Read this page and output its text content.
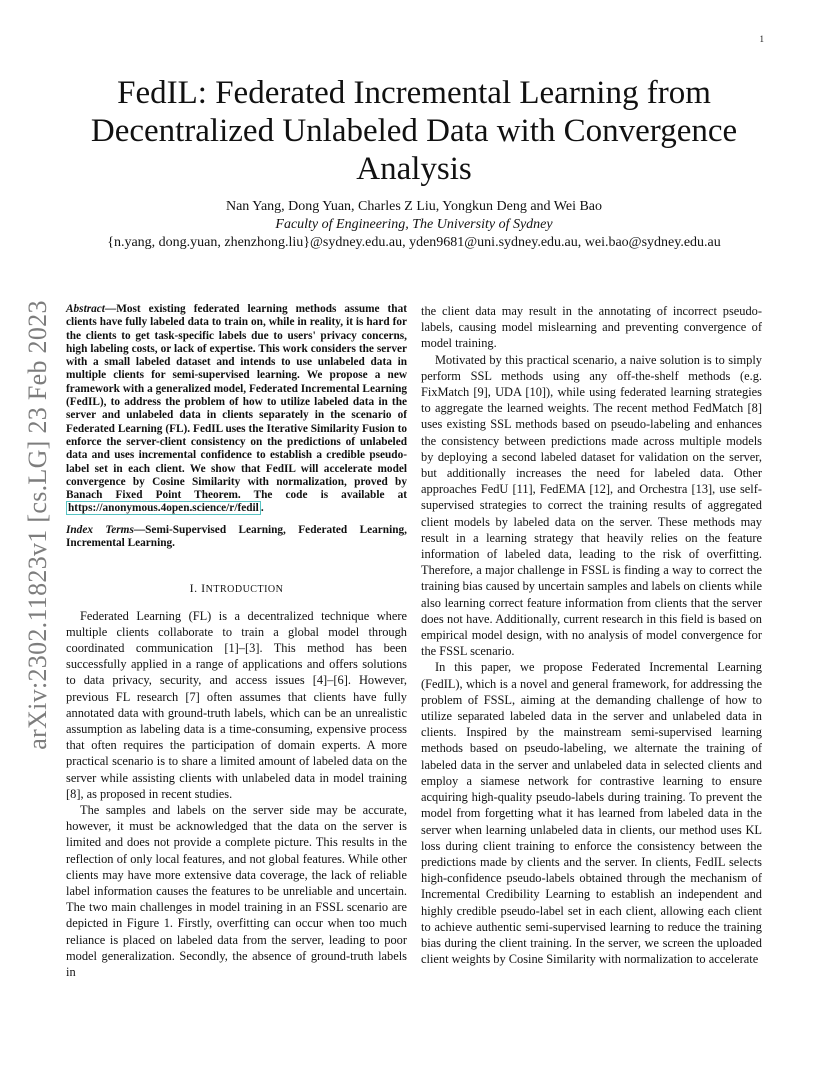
1
arXiv:2302.11823v1 [cs.LG] 23 Feb 2023
FedIL: Federated Incremental Learning from Decentralized Unlabeled Data with Convergence Analysis
Nan Yang, Dong Yuan, Charles Z Liu, Yongkun Deng and Wei Bao
Faculty of Engineering, The University of Sydney
{n.yang, dong.yuan, zhenzhong.liu}@sydney.edu.au, yden9681@uni.sydney.edu.au, wei.bao@sydney.edu.au

Abstract—Most existing federated learning methods assume that clients have fully labeled data to train on, while in reality, it is hard for the clients to get task-specific labels due to users' privacy concerns, high labeling costs, or lack of expertise. This work considers the server with a small labeled dataset and intends to use unlabeled data in multiple clients for semi-supervised learning. We propose a new framework with a generalized model, Federated Incremental Learning (FedIL), to address the problem of how to utilize labeled data in the server and unlabeled data in clients separately in the scenario of Federated Learning (FL). FedIL uses the Iterative Similarity Fusion to enforce the server-client consistency on the predictions of unlabeled data and uses incremental confidence to establish a credible pseudo-label set in each client. We show that FedIL will accelerate model convergence by Cosine Similarity with normalization, proved by Banach Fixed Point Theorem. The code is available at https://anonymous.4open.science/r/fedil .

Index Terms—Semi-Supervised Learning, Federated Learning, Incremental Learning.

I. INTRODUCTION

Federated Learning (FL) is a decentralized technique where multiple clients collaborate to train a global model through coordinated communication [1]–[3]. This method has been successfully applied in a range of applications and offers solutions to data privacy, security, and access issues [4]–[6]. However, previous FL research [7] often assumes that clients have fully annotated data with ground-truth labels, which can be an unrealistic assumption as labeling data is a time-consuming, expensive process that often requires the participation of domain experts. A more practical scenario is to share a limited amount of labeled data on the server while assisting clients with unlabeled data in model training [8], as proposed in recent studies.

The samples and labels on the server side may be accurate, however, it must be acknowledged that the data on the server is limited and does not provide a complete picture. This results in the reflection of only local features, and not global features. While other clients may have more extensive data coverage, the lack of reliable label information causes the features to be unreliable and uncertain. The two main challenges in model training in an FSSL scenario are depicted in Figure 1. Firstly, overfitting can occur when too much reliance is placed on labeled data from the server, leading to poor model generalization. Secondly, the absence of ground-truth labels in

the client data may result in the annotating of incorrect pseudo-labels, causing model mislearning and preventing convergence of model training.

Motivated by this practical scenario, a naive solution is to simply perform SSL methods using any off-the-shelf methods (e.g. FixMatch [9], UDA [10]), while using federated learning strategies to aggregate the learned weights. The recent method FedMatch [8] uses existing SSL methods based on pseudo-labeling and enhances the consistency between predictions made across multiple models by deploying a second labeled dataset for validation on the server, but additionally increases the need for labeled data. Other approaches FedU [11], FedEMA [12], and Orchestra [13], use self-supervised strategies to correct the training results of aggregated client models by labeled data on the server. These methods may result in a learning strategy that heavily relies on the feature information of labeled data, leading to the risk of overfitting. Therefore, a major challenge in FSSL is finding a way to correct the training bias caused by uncertain samples and labels on clients while also learning correct feature information from clients that the server does not have. Additionally, current research in this field is based on empirical model design, with no analysis of model convergence for the FSSL scenario.

In this paper, we propose Federated Incremental Learning (FedIL), which is a novel and general framework, for addressing the problem of FSSL, aiming at the demanding challenge of how to utilize separated labeled data in the server and unlabeled data in clients. Inspired by the mainstream semi-supervised learning methods based on pseudo-labeling, we alternate the training of labeled data in the server and unlabeled data in selected clients and employ a siamese network for contrastive learning to ensure acquiring high-quality pseudo-labels during training. To prevent the model from forgetting what it has learned from labeled data in the server when learning unlabeled data in clients, our method uses KL loss during client training to enforce the consistency between the predictions made by clients and the server. In clients, FedIL selects high-confidence pseudo-labels obtained through the mechanism of Incremental Credibility Learning to establish an independent and highly credible pseudo-label set in each client, allowing each client to achieve authentic semi-supervised learning to reduce the training bias during the client training. In the server, we screen the uploaded client weights by Cosine Similarity with normalization to accelerate
